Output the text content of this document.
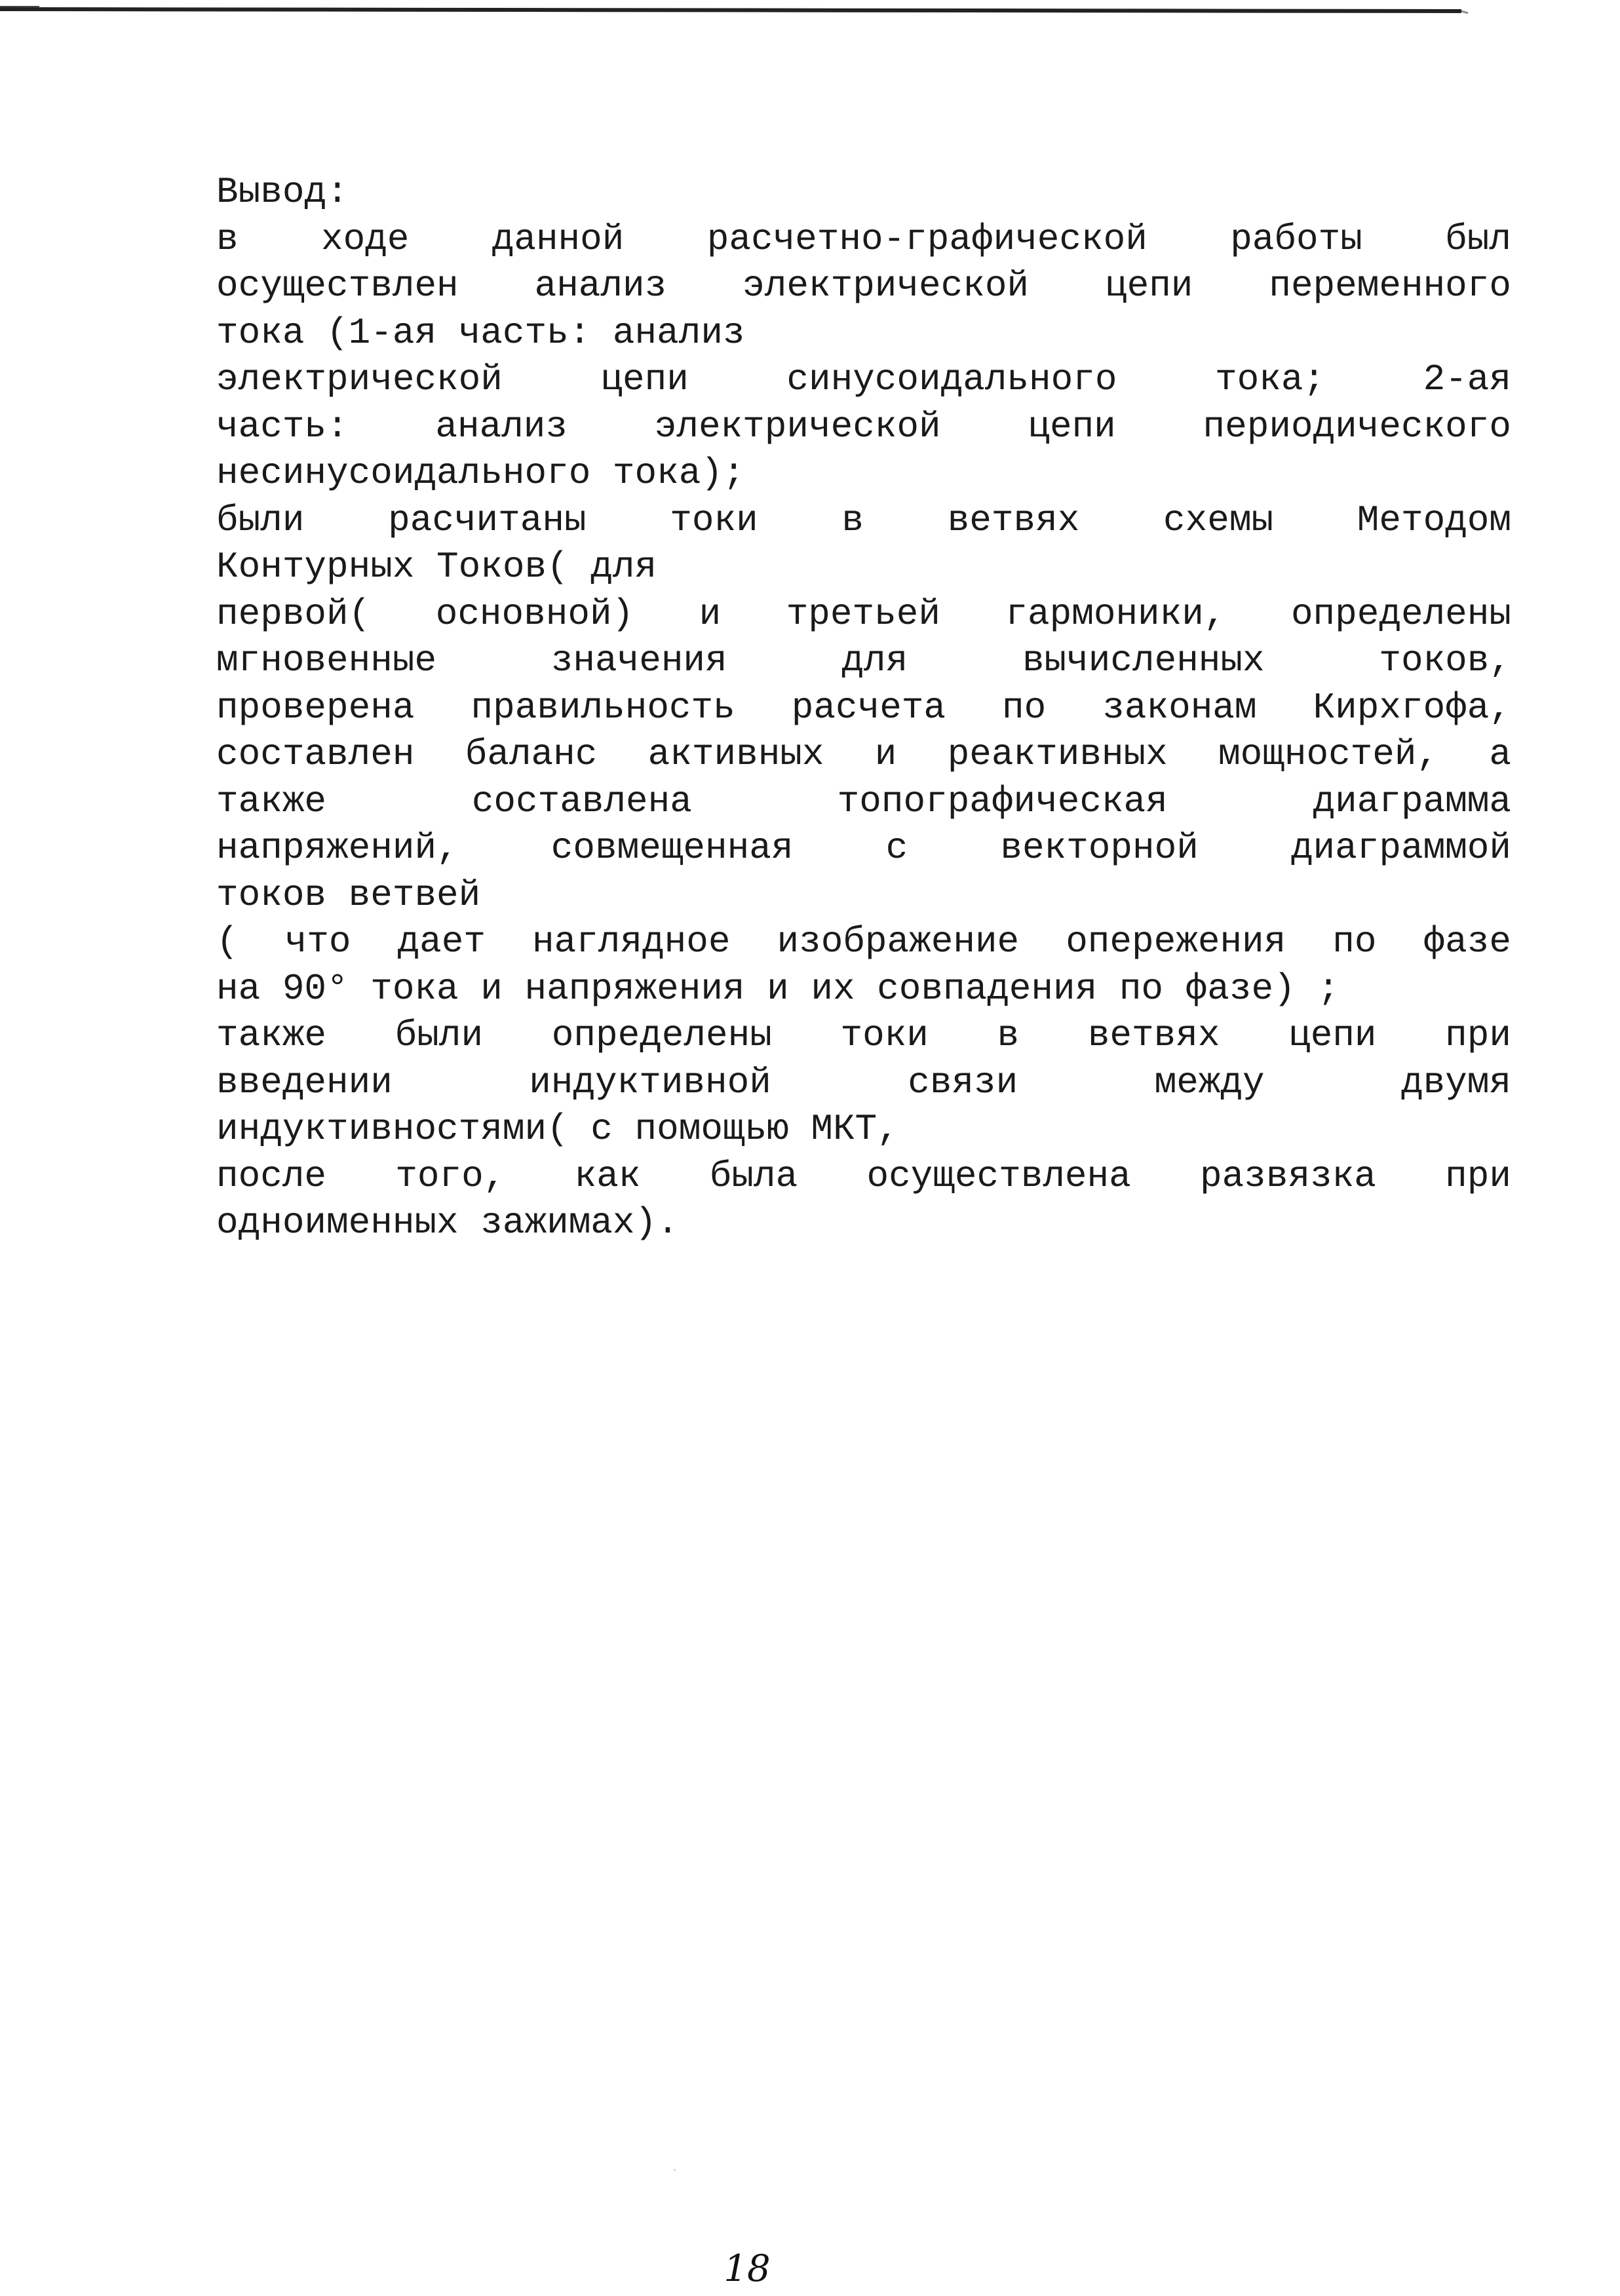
Вывод:
в ходе данной расчетно-графической работы был
осуществлен анализ электрической цепи переменного
тока (1-ая часть: анализ
электрической цепи синусоидального тока; 2-ая
часть: анализ электрической цепи периодического
несинусоидального тока);
были расчитаны токи в ветвях схемы Методом
Контурных Токов( для
первой( основной) и третьей гармоники, определены
мгновенные значения для вычисленных токов,
проверена правильность расчета по законам Кирхгофа,
составлен баланс активных и реактивных мощностей, а
также составлена топографическая диаграмма
напряжений, совмещенная с векторной диаграммой
токов ветвей
( что дает наглядное изображение опережения по фазе
на 90° тока и напряжения и их совпадения по фазе) ;
также были определены токи в ветвях цепи при
введении индуктивной связи между двумя
индуктивностями( с помощью МКТ,
после того, как была осуществлена развязка при
одноименных зажимах).
18
